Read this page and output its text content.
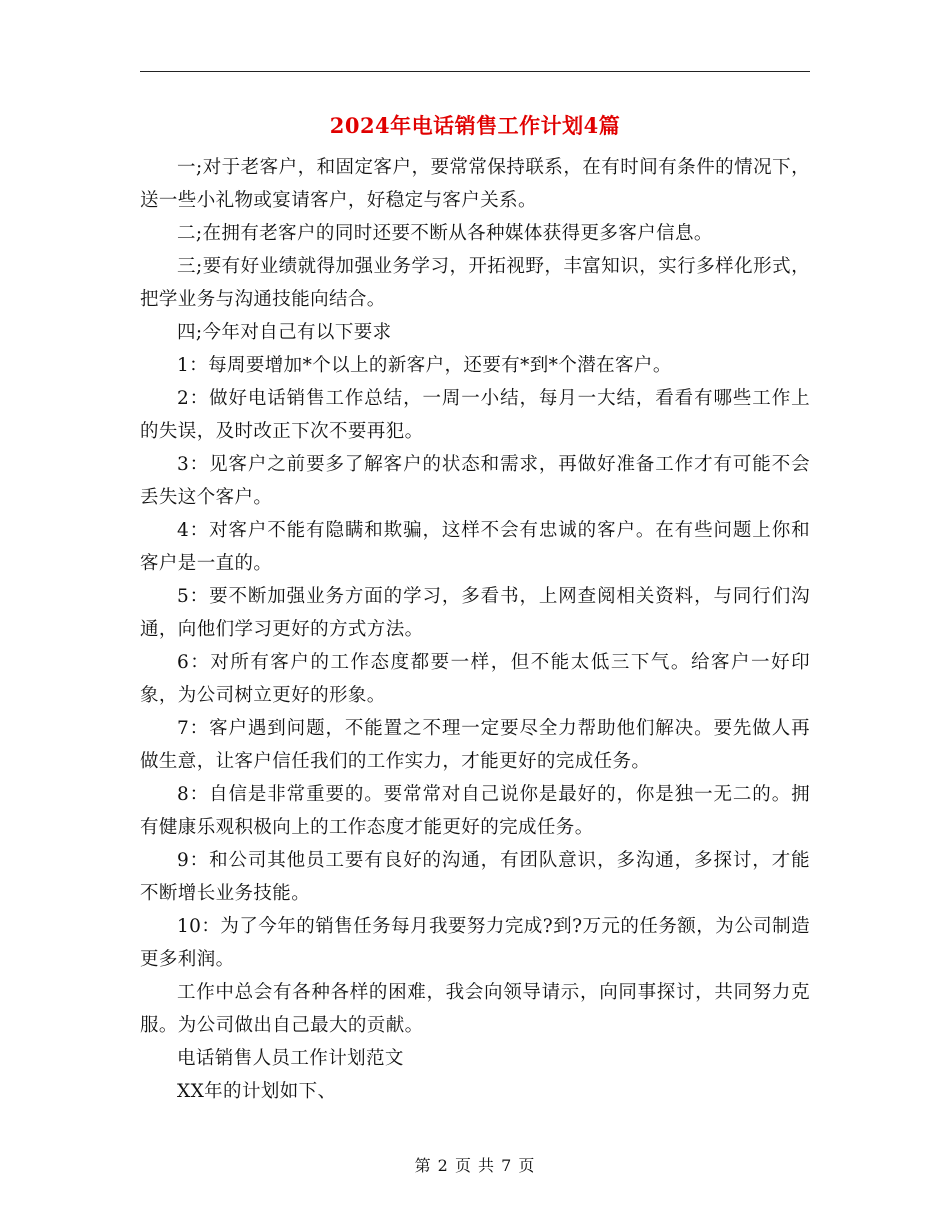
2024年电话销售工作计划4篇

一;对于老客户，和固定客户，要常常保持联系，在有时间有条件的情况下，送一些小礼物或宴请客户，好稳定与客户关系。

二;在拥有老客户的同时还要不断从各种媒体获得更多客户信息。

三;要有好业绩就得加强业务学习，开拓视野，丰富知识，实行多样化形式，把学业务与沟通技能向结合。

四;今年对自己有以下要求

1：每周要增加*个以上的新客户，还要有*到*个潜在客户。

2：做好电话销售工作总结，一周一小结，每月一大结，看看有哪些工作上的失误，及时改正下次不要再犯。

3：见客户之前要多了解客户的状态和需求，再做好准备工作才有可能不会丢失这个客户。

4：对客户不能有隐瞒和欺骗，这样不会有忠诚的客户。在有些问题上你和客户是一直的。

5：要不断加强业务方面的学习，多看书，上网查阅相关资料，与同行们沟通，向他们学习更好的方式方法。

6：对所有客户的工作态度都要一样，但不能太低三下气。给客户一好印象，为公司树立更好的形象。

7：客户遇到问题，不能置之不理一定要尽全力帮助他们解决。要先做人再做生意，让客户信任我们的工作实力，才能更好的完成任务。

8：自信是非常重要的。要常常对自己说你是最好的，你是独一无二的。拥有健康乐观积极向上的工作态度才能更好的完成任务。

9：和公司其他员工要有良好的沟通，有团队意识，多沟通，多探讨，才能不断增长业务技能。

10：为了今年的销售任务每月我要努力完成?到?万元的任务额，为公司制造更多利润。

工作中总会有各种各样的困难，我会向领导请示，向同事探讨，共同努力克服。为公司做出自己最大的贡献。

电话销售人员工作计划范文

XX年的计划如下、

第 2 页 共 7 页
